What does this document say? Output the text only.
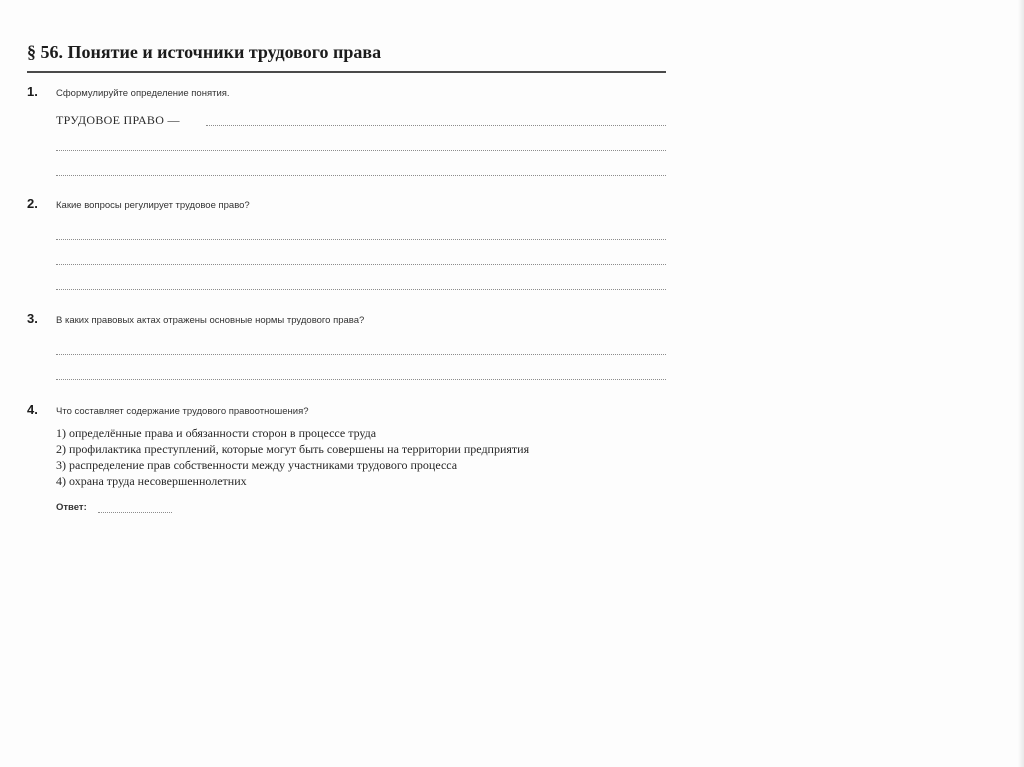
§ 56. Понятие и источники трудового права
1. Сформулируйте определение понятия.
ТРУДОВОЕ ПРАВО —
2. Какие вопросы регулирует трудовое право?
3. В каких правовых актах отражены основные нормы трудового права?
4. Что составляет содержание трудового правоотношения?
1) определённые права и обязанности сторон в процессе труда
2) профилактика преступлений, которые могут быть совершены на территории предприятия
3) распределение прав собственности между участниками трудового процесса
4) охрана труда несовершеннолетних
Ответ:
